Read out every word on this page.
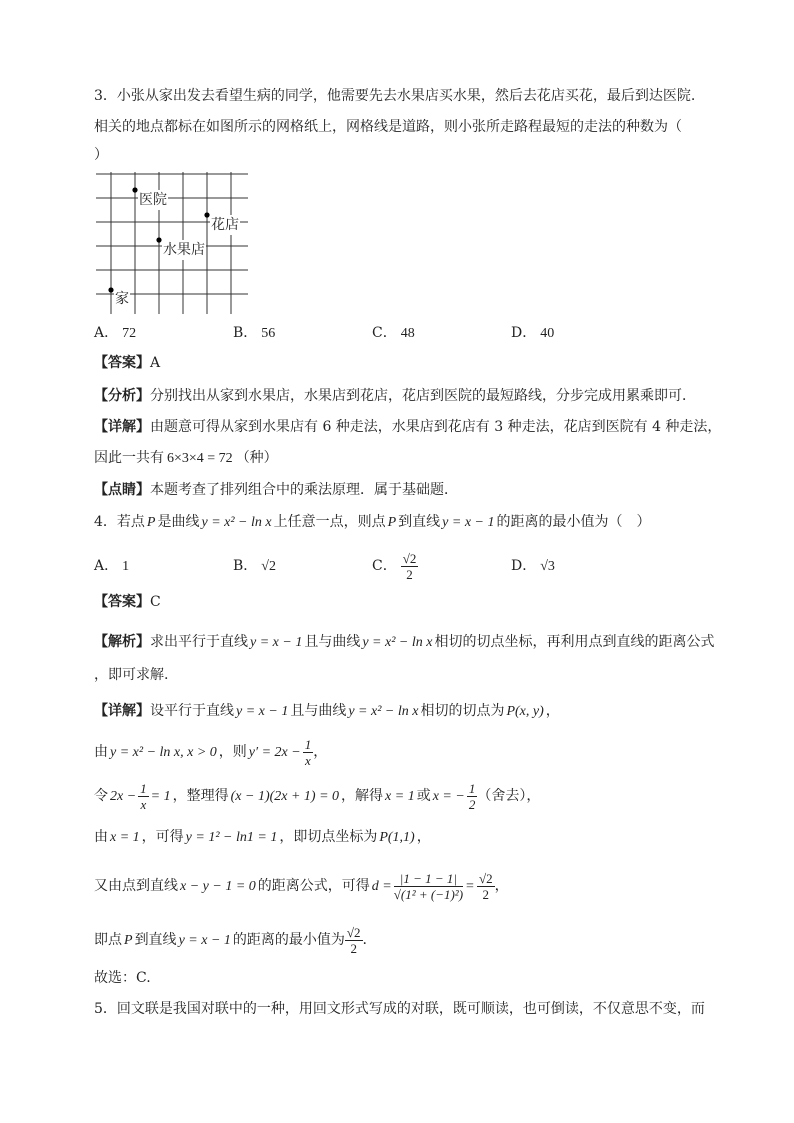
3．小张从家出发去看望生病的同学，他需要先去水果店买水果，然后去花店买花，最后到达医院.
相关的地点都标在如图所示的网格纸上，网格线是道路，则小张所走路程最短的走法的种数为（
）
医院
花店
水果店
家
A． 72	B． 56	C． 48	D． 40
【答案】A
【分析】分别找出从家到水果店，水果店到花店，花店到医院的最短路线，分步完成用累乘即可．
【详解】由题意可得从家到水果店有 6 种走法，水果店到花店有 3 种走法，花店到医院有 4 种走法，
因此一共有 6×3×4 = 72 （种）
【点睛】本题考查了排列组合中的乘法原理．属于基础题．
4．若点 P 是曲线 y = x² − ln x 上任意一点，则点 P 到直线 y = x − 1 的距离的最小值为（　）
A． 1	B． √2	C． $\frac{√2}{2}$	D． √3
【答案】C
【解析】求出平行于直线 y = x − 1 且与曲线 y = x² − ln x 相切的切点坐标，再利用点到直线的距离公式
，即可求解.
【详解】设平行于直线 y = x − 1 且与曲线 y = x² − ln x 相切的切点为 P(x, y) ，
由 y = x² − ln x, x > 0 ，则 $y' = 2x - \frac{1}{x}$ ，
令 $2x - \frac{1}{x} = 1$ ，整理得 (x − 1)(2x + 1) = 0 ，解得 x = 1 或 x = − $\frac{1}{2}$ （舍去），
由 x = 1 ，可得 y = 1² − ln1 = 1 ，即切点坐标为 P(1,1) ，
又由点到直线 x − y − 1 = 0 的距离公式，可得 $d = \frac{|1 - 1 - 1|}{\text{√(1² + (−1)²)}} = \frac{√2}{2}$ ，
即点 P 到直线 y = x − 1 的距离的最小值为 $\frac{√2}{2}$ .
故选：C.
5．回文联是我国对联中的一种，用回文形式写成的对联，既可顺读，也可倒读，不仅意思不变，而
